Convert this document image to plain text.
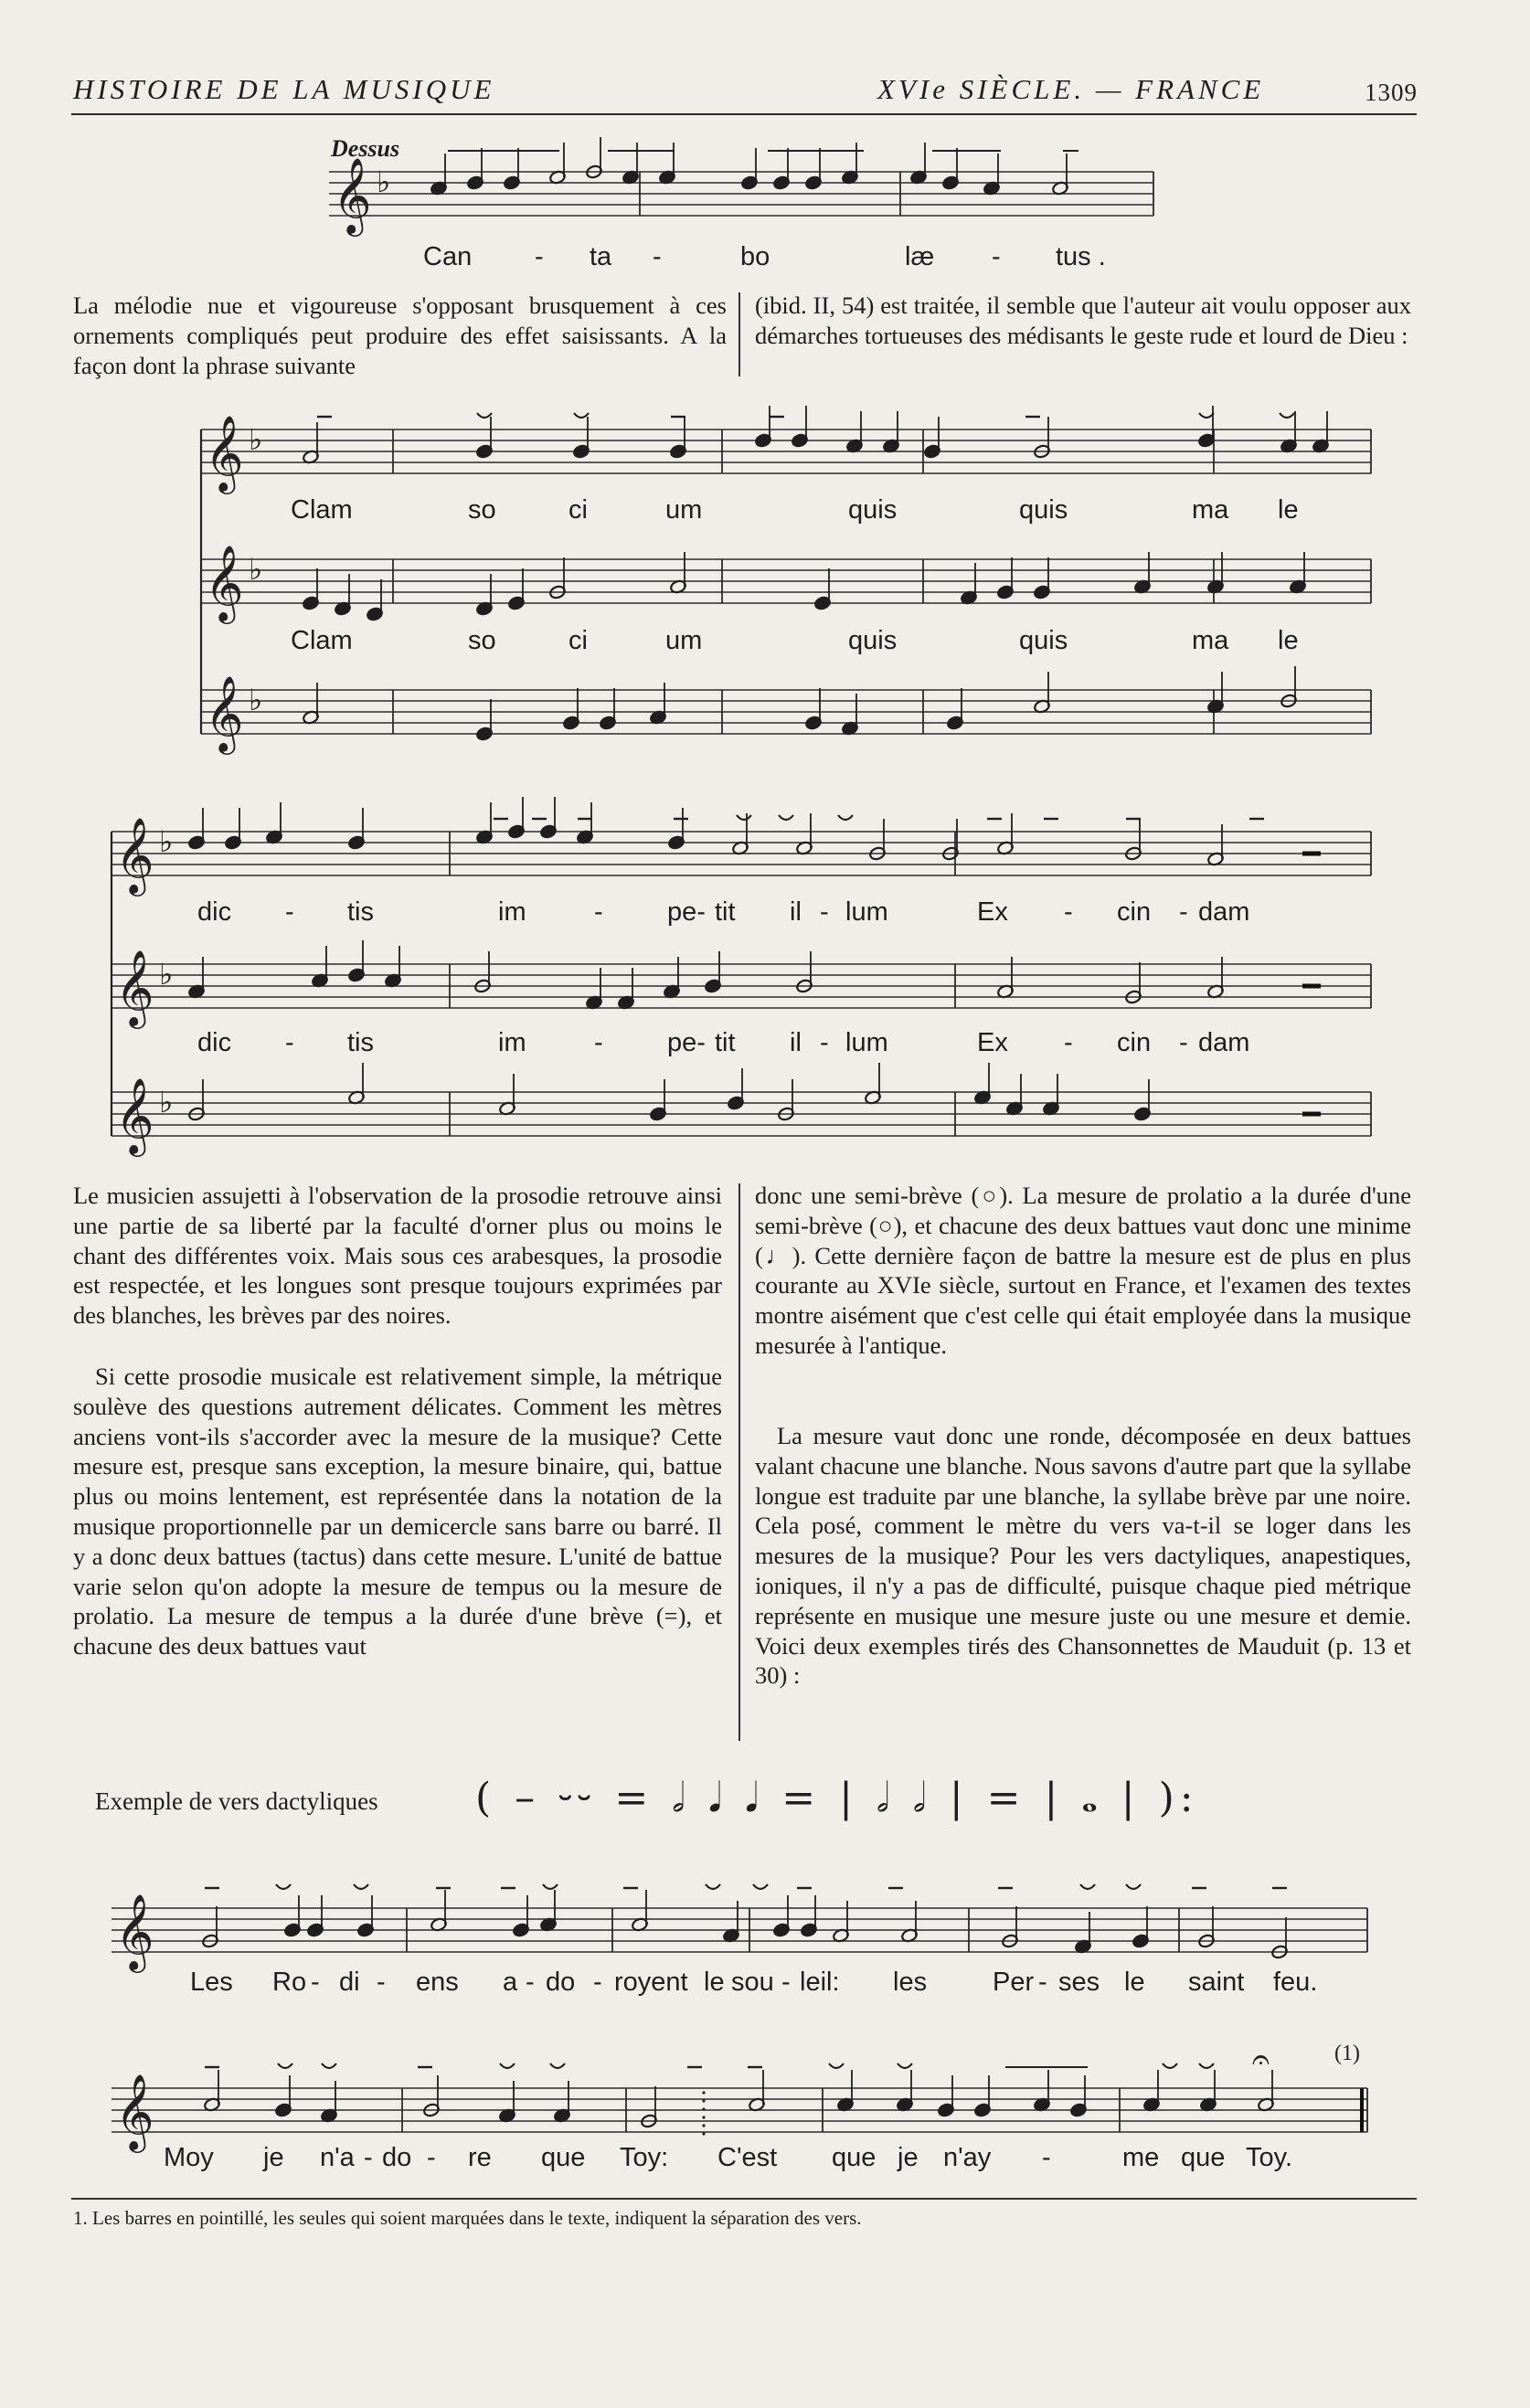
HISTOIRE DE LA MUSIQUE	XVIe SIÈCLE. — FRANCE	1309
𝄞 ♭
𝄞 ♭
𝄞 ♭
𝄞 ♭
𝄞 ♭
𝄞 ♭
𝄞 ♭
𝄞
𝄞
𝄐
Dessus
Can - ta -	bo	læ - tus .

La mélodie nue et vigoureuse s'opposant brusquement à ces ornements compliqués peut produire des effet saisissants. A la façon dont la phrase suivante

(ibid. II, 54) est traitée, il semble que l'auteur ait voulu opposer aux démarches tortueuses des médisants le geste rude et lourd de Dieu :

Clam	so	ci	um	quis	quis	ma le
Clam	so	ci	um	quis	quis	ma le
dic - tis	im	- pe- tit il - lum	Ex - cin - dam
dic - tis	im	- pe- tit il - lum	Ex - cin - dam

Le musicien assujetti à l'observation de la prosodie retrouve ainsi une partie de sa liberté par la faculté d'orner plus ou moins le chant des différentes voix. Mais sous ces arabesques, la prosodie est respectée, et les longues sont presque toujours exprimées par des blanches, les brèves par des noires.

Si cette prosodie musicale est relativement simple, la métrique soulève des questions autrement délicates. Comment les mètres anciens vont-ils s'accorder avec la mesure de la musique? Cette mesure est, presque sans exception, la mesure binaire, qui, battue plus ou moins lentement, est représentée dans la notation de la musique proportionnelle par un demicercle sans barre ou barré. Il y a donc deux battues (tactus) dans cette mesure. L'unité de battue varie selon qu'on adopte la mesure de tempus ou la mesure de prolatio. La mesure de tempus a la durée d'une brève (=), et chacune des deux battues vaut

donc une semi-brève (○). La mesure de prolatio a la durée d'une semi-brève (○), et chacune des deux battues vaut donc une minime (♩). Cette dernière façon de battre la mesure est de plus en plus courante au XVIe siècle, surtout en France, et l'examen des textes montre aisément que c'est celle qui était employée dans la musique mesurée à l'antique.

La mesure vaut donc une ronde, décomposée en deux battues valant chacune une blanche. Nous savons d'autre part que la syllabe longue est traduite par une blanche, la syllabe brève par une noire. Cela posé, comment le mètre du vers va-t-il se loger dans les mesures de la musique? Pour les vers dactyliques, anapestiques, ioniques, il n'y a pas de difficulté, puisque chaque pied métrique représente en musique une mesure juste ou une mesure et demie. Voici deux exemples tirés des Chansonnettes de Mauduit (p. 13 et 30) :

Exemple de vers dactyliques ( – ⏑⏑ = 𝅗𝅥 𝅘𝅥 𝅘𝅥 = | 𝅗𝅥 𝅗𝅥 | = | 𝅝 | ):
Les Ro - di - ens a - do - royent le sou - leil: les Per - ses le saint feu.
Moy je n'a - do - re que Toy: C'est que je n'ay -	me que Toy.
(1)
1. Les barres en pointillé, les seules qui soient marquées dans le texte, indiquent la séparation des vers.
